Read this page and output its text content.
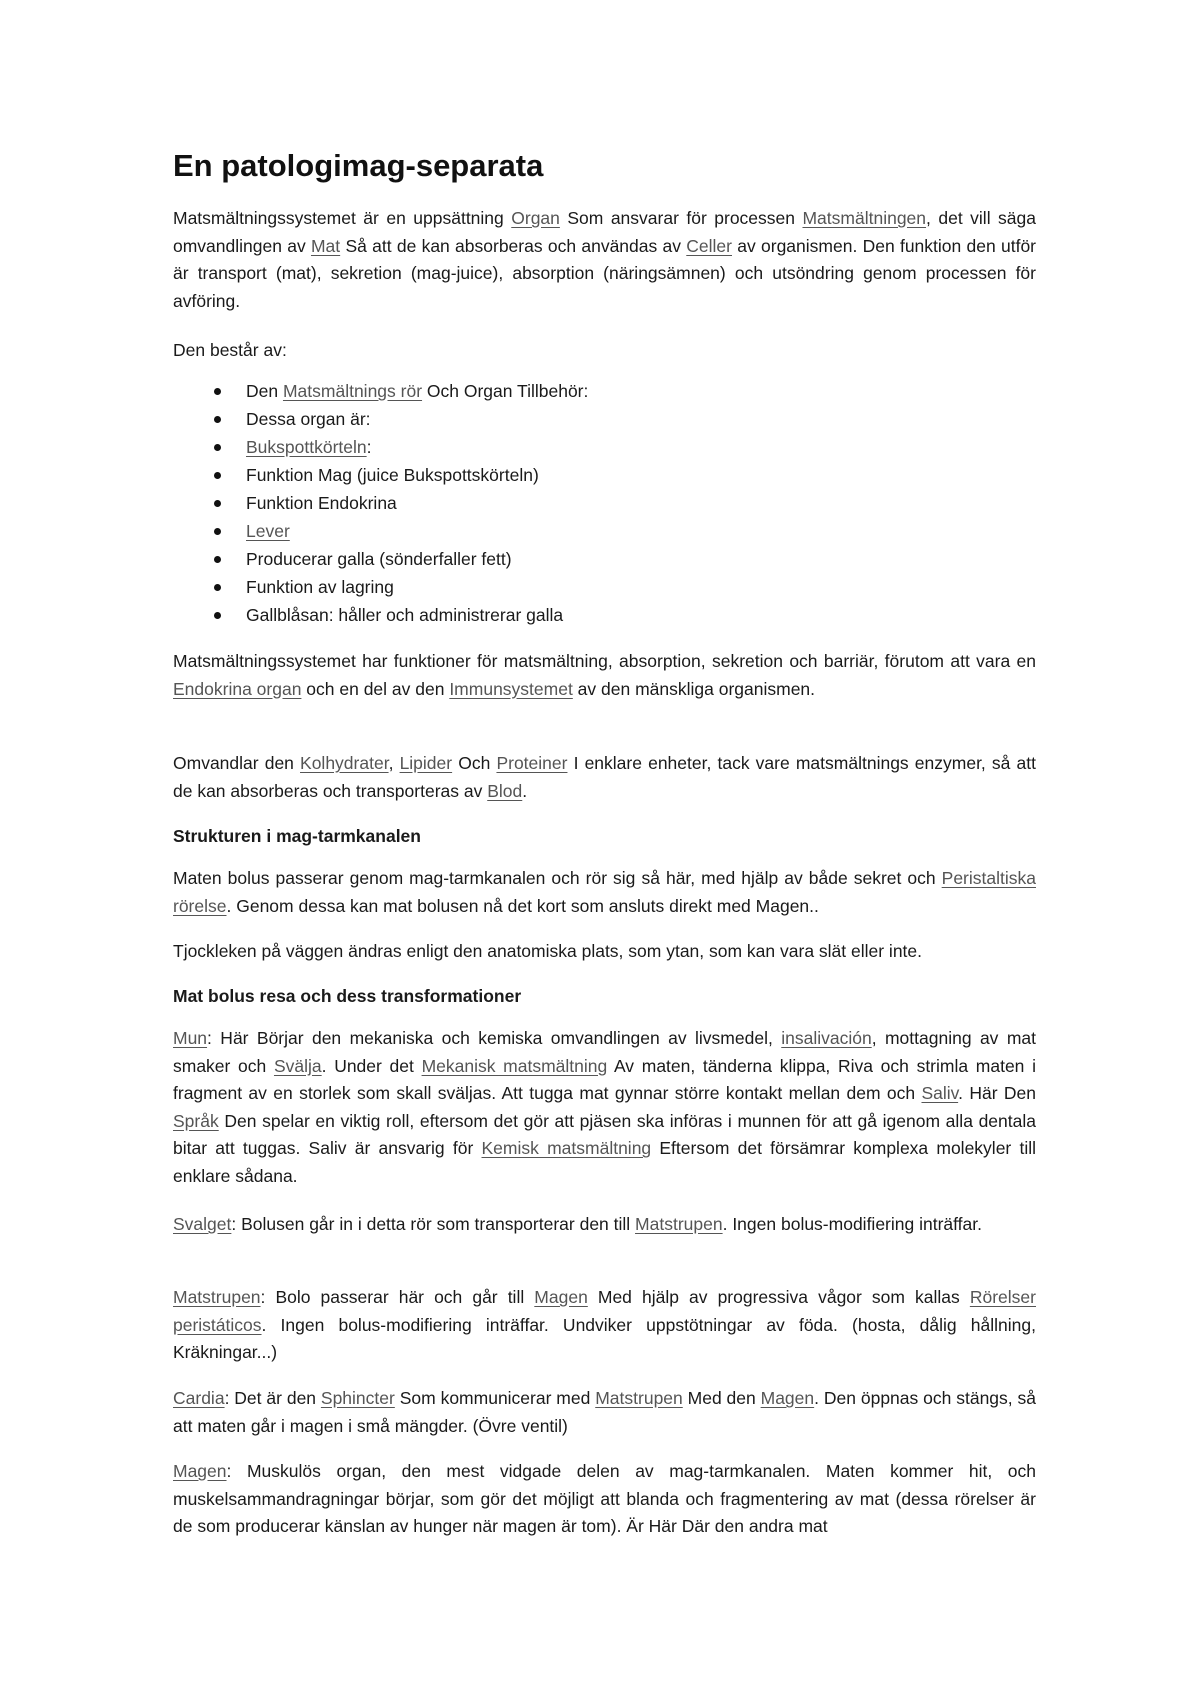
En patologimag-separata

Matsmältningssystemet är en uppsättning Organ Som ansvarar för processen Matsmältningen, det vill säga omvandlingen av Mat Så att de kan absorberas och användas av Celler av organismen. Den funktion den utför är transport (mat), sekretion (mag-juice), absorption (näringsämnen) och utsöndring genom processen för avföring.

Den består av:

Den Matsmältnings rör Och Organ Tillbehör:
Dessa organ är:
Bukspottkörteln:
Funktion Mag (juice Bukspottskörteln)
Funktion Endokrina
Lever
Producerar galla (sönderfaller fett)
Funktion av lagring
Gallblåsan: håller och administrerar galla

Matsmältningssystemet har funktioner för matsmältning, absorption, sekretion och barriär, förutom att vara en Endokrina organ och en del av den Immunsystemet av den mänskliga organismen.

Omvandlar den Kolhydrater, Lipider Och Proteiner I enklare enheter, tack vare matsmältnings enzymer, så att de kan absorberas och transporteras av Blod.

Strukturen i mag-tarmkanalen

Maten bolus passerar genom mag-tarmkanalen och rör sig så här, med hjälp av både sekret och Peristaltiska rörelse. Genom dessa kan mat bolusen nå det kort som ansluts direkt med Magen..

Tjockleken på väggen ändras enligt den anatomiska plats, som ytan, som kan vara slät eller inte.

Mat bolus resa och dess transformationer

Mun: Här Börjar den mekaniska och kemiska omvandlingen av livsmedel, insalivación, mottagning av mat smaker och Svälja. Under det Mekanisk matsmältning Av maten, tänderna klippa, Riva och strimla maten i fragment av en storlek som skall sväljas. Att tugga mat gynnar större kontakt mellan dem och Saliv. Här Den Språk Den spelar en viktig roll, eftersom det gör att pjäsen ska införas i munnen för att gå igenom alla dentala bitar att tuggas. Saliv är ansvarig för Kemisk matsmältning Eftersom det försämrar komplexa molekyler till enklare sådana.

Svalget: Bolusen går in i detta rör som transporterar den till Matstrupen. Ingen bolus-modifiering inträffar.

Matstrupen: Bolo passerar här och går till Magen Med hjälp av progressiva vågor som kallas Rörelser peristáticos. Ingen bolus-modifiering inträffar. Undviker uppstötningar av föda. (hosta, dålig hållning, Kräkningar...)

Cardia: Det är den Sphincter Som kommunicerar med Matstrupen Med den Magen. Den öppnas och stängs, så att maten går i magen i små mängder. (Övre ventil)

Magen: Muskulös organ, den mest vidgade delen av mag-tarmkanalen. Maten kommer hit, och muskelsammandragningar börjar, som gör det möjligt att blanda och fragmentering av mat (dessa rörelser är de som producerar känslan av hunger när magen är tom). Är Här Där den andra mat
